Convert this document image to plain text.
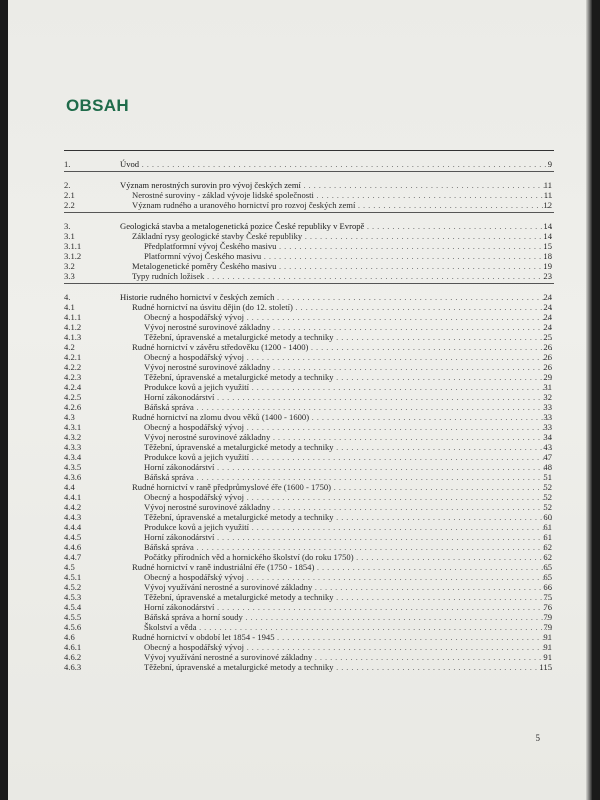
OBSAH
1.	Úvod . . .	9
2.	Význam nerostných surovin pro vývoj českých zemí . . .	11
2.1	Nerostné suroviny - základ vývoje lidské společnosti . . .	11
2.2	Význam rudného a uranového hornictví pro rozvoj českých zemí . . .	12
3.	Geologická stavba a metalogenetická pozice České republiky v Evropě . . .	14
3.1	Základní rysy geologické stavby České republiky . . .	14
3.1.1	Předplatformní vývoj Českého masivu . . .	15
3.1.2	Platformní vývoj Českého masivu . . .	18
3.2	Metalogenetické poměry Českého masivu . . .	19
3.3	Typy rudních ložisek . . .	23
4.	Historie rudného hornictví v českých zemích . . .	24
4.1	Rudné hornictví na úsvitu dějin (do 12. století) . . .	24
4.1.1	Obecný a hospodářský vývoj . . .	24
4.1.2	Vývoj nerostné surovinové základny . . .	24
4.1.3	Těžební, úpravenské a metalurgické metody a techniky . . .	25
4.2	Rudné hornictví v závěru středověku (1200 - 1400) . . .	26
4.2.1	Obecný a hospodářský vývoj . . .	26
4.2.2	Vývoj nerostné surovinové základny . . .	26
4.2.3	Těžební, úpravenské a metalurgické metody a techniky . . .	29
4.2.4	Produkce kovů a jejich využití . . .	31
4.2.5	Horní zákonodárství . . .	32
4.2.6	Báňská správa . . .	33
4.3	Rudné hornictví na zlomu dvou věků (1400 - 1600) . . .	33
4.3.1	Obecný a hospodářský vývoj . . .	33
4.3.2	Vývoj nerostné surovinové základny . . .	34
4.3.3	Těžební, úpravenské a metalurgické metody a techniky . . .	43
4.3.4	Produkce kovů a jejich využití . . .	47
4.3.5	Horní zákonodárství . . .	48
4.3.6	Báňská správa . . .	51
4.4	Rudné hornictví v raně předprůmyslové éře (1600 - 1750) . . .	52
4.4.1	Obecný a hospodářský vývoj . . .	52
4.4.2	Vývoj nerostné surovinové základny . . .	52
4.4.3	Těžební, úpravenské a metalurgické metody a techniky . . .	60
4.4.4	Produkce kovů a jejich využití . . .	61
4.4.5	Horní zákonodárství . . .	61
4.4.6	Báňská správa . . .	62
4.4.7	Počátky přírodních věd a hornického školství (do roku 1750) . . .	62
4.5	Rudné hornictví v raně industriální éře (1750 - 1854) . . .	65
4.5.1	Obecný a hospodářský vývoj . . .	65
4.5.2	Vývoj využívání nerostné a surovinové základny . . .	66
4.5.3	Těžební, úpravenské a metalurgické metody a techniky . . .	75
4.5.4	Horní zákonodárství . . .	76
4.5.5	Báňská správa a horní soudy . . .	79
4.5.6	Školství a věda . . .	79
4.6	Rudné hornictví v období let 1854 - 1945 . . .	91
4.6.1	Obecný a hospodářský vývoj . . .	91
4.6.2	Vývoj využívání nerostné a surovinové základny . . .	91
4.6.3	Těžební, úpravenské a metalurgické metody a techniky . . .	115
5
